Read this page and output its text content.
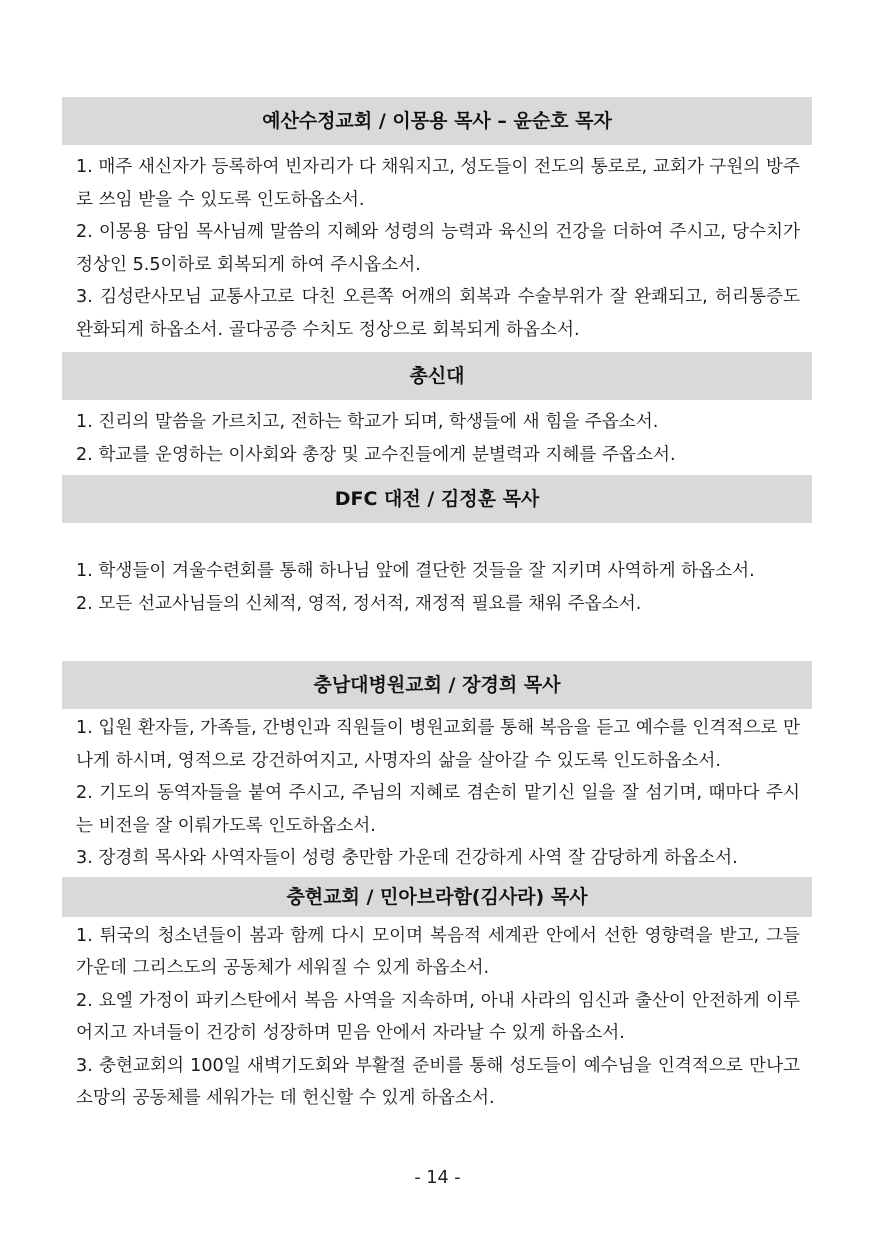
예산수정교회 / 이몽용 목사 – 윤순호 목자

1. 매주 새신자가 등록하여 빈자리가 다 채워지고, 성도들이 전도의 통로로, 교회가 구원의 방주로 쓰임 받을 수 있도록 인도하옵소서.

2. 이몽용 담임 목사님께 말씀의 지혜와 성령의 능력과 육신의 건강을 더하여 주시고, 당수치가 정상인 5.5이하로 회복되게 하여 주시옵소서.

3. 김성란사모님 교통사고로 다친 오른쪽 어깨의 회복과 수술부위가 잘 완쾌되고, 허리통증도 완화되게 하옵소서. 골다공증 수치도 정상으로 회복되게 하옵소서.

총신대

1. 진리의 말씀을 가르치고, 전하는 학교가 되며, 학생들에 새 힘을 주옵소서.

2. 학교를 운영하는 이사회와 총장 및 교수진들에게 분별력과 지혜를 주옵소서.

DFC 대전 / 김정훈 목사

1. 학생들이 겨울수련회를 통해 하나님 앞에 결단한 것들을 잘 지키며 사역하게 하옵소서.

2. 모든 선교사님들의 신체적, 영적, 정서적, 재정적 필요를 채워 주옵소서.

충남대병원교회 / 장경희 목사

1. 입원 환자들, 가족들, 간병인과 직원들이 병원교회를 통해 복음을 듣고 예수를 인격적으로 만나게 하시며, 영적으로 강건하여지고, 사명자의 삶을 살아갈 수 있도록 인도하옵소서.

2. 기도의 동역자들을 붙여 주시고, 주님의 지혜로 겸손히 맡기신 일을 잘 섬기며, 때마다 주시는 비전을 잘 이뤄가도록 인도하옵소서.

3. 장경희 목사와 사역자들이 성령 충만함 가운데 건강하게 사역 잘 감당하게 하옵소서.

충현교회 / 민아브라함(김사라) 목사

1. 튀국의 청소년들이 봄과 함께 다시 모이며 복음적 세계관 안에서 선한 영향력을 받고, 그들 가운데 그리스도의 공동체가 세워질 수 있게 하옵소서.

2. 요엘 가정이 파키스탄에서 복음 사역을 지속하며, 아내 사라의 임신과 출산이 안전하게 이루어지고 자녀들이 건강히 성장하며 믿음 안에서 자라날 수 있게 하옵소서.

3. 충현교회의 100일 새벽기도회와 부활절 준비를 통해 성도들이 예수님을 인격적으로 만나고 소망의 공동체를 세워가는 데 헌신할 수 있게 하옵소서.

- 14 -
